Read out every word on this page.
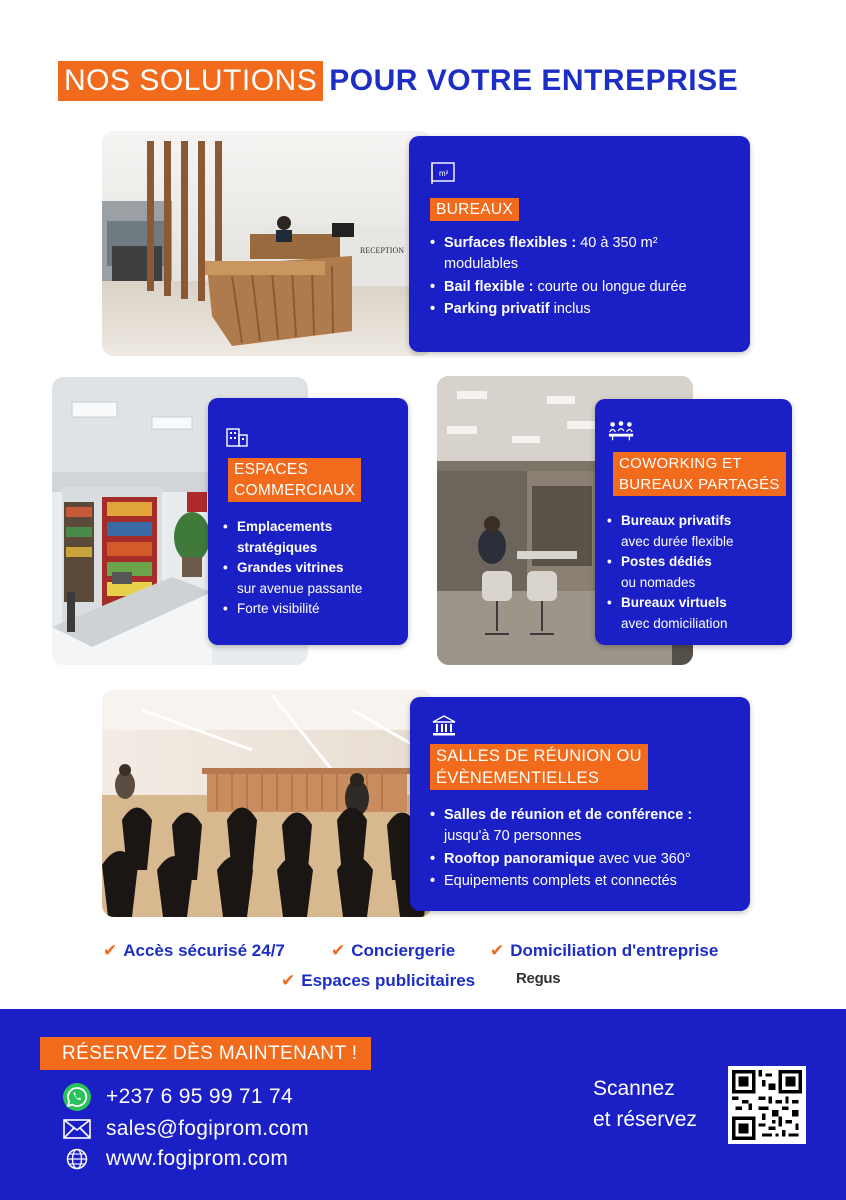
NOS SOLUTIONS POUR VOTRE ENTREPRISE
RECEPTION
m²
BUREAUX
• Surfaces flexibles : 40 à 350 m²
modulables
• Bail flexible : courte ou longue durée
• Parking privatif inclus
ESPACES
COMMERCIAUX
• Emplacements
stratégiques
• Grandes vitrines
sur avenue passante
• Forte visibilité
COWORKING ET
BUREAUX PARTAGÉS
• Bureaux privatifs
avec durée flexible
• Postes dédiés
ou nomades
• Bureaux virtuels
avec domiciliation
SALLES DE RÉUNION OU
ÉVÈNEMENTIELLES
• Salles de réunion et de conférence :
jusqu'à 70 personnes
• Rooftop panoramique avec vue 360°
• Equipements complets et connectés
✔ Accès sécurisé 24/7	✔ Conciergerie ✔ Domiciliation d'entreprise
✔ Espaces publicitaires	Regus
RÉSERVEZ DÈS MAINTENANT !
+237 6 95 99 71 74
sales@fogiprom.com
www.fogiprom.com
Scannez
et réservez
